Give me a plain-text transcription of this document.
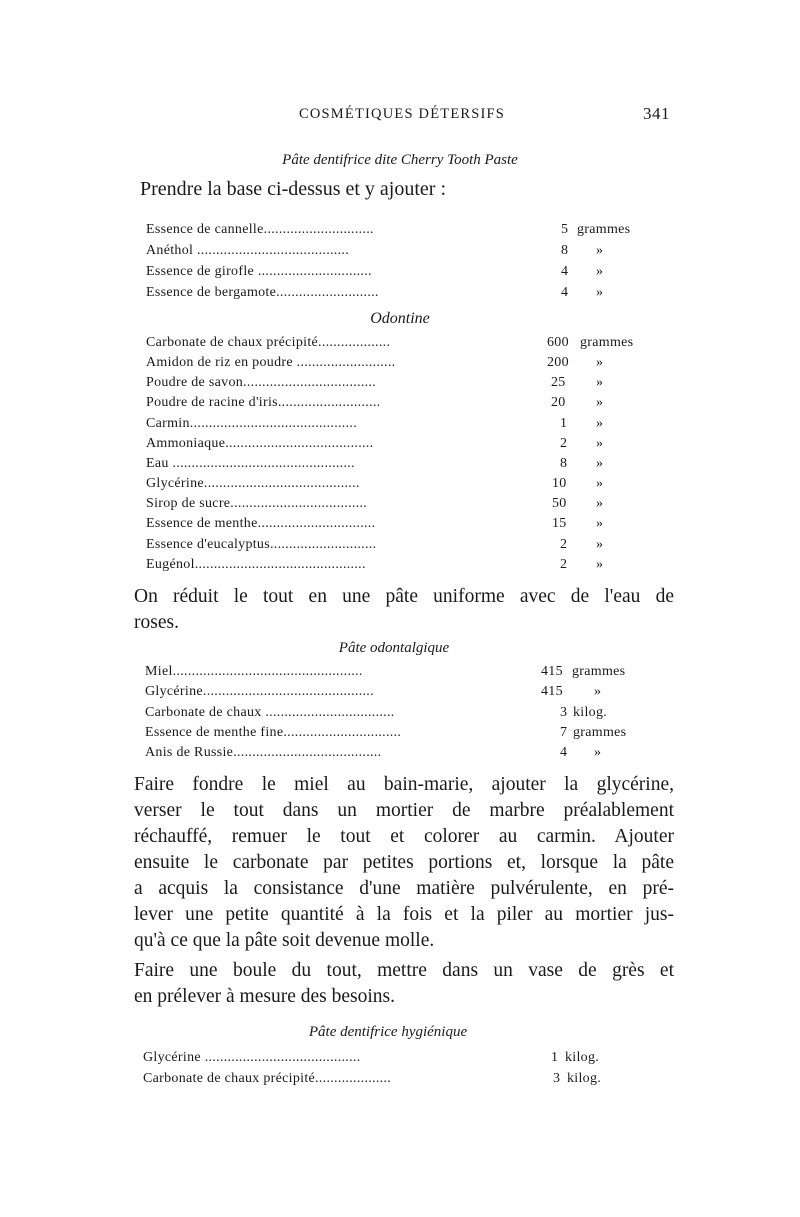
COSMÉTIQUES DÉTERSIFS	341
Pâte dentifrice dite Cherry Tooth Paste
Prendre la base ci-dessus et y ajouter :
Essence de cannelle.............................	5 grammes
Anéthol ........................................	8 »
Essence de girofle ..............................	4 »
Essence de bergamote...........................	4 »
Odontine
Carbonate de chaux précipité...................	600 grammes
Amidon de riz en poudre ..........................	200 »
Poudre de savon...................................	25 »
Poudre de racine d'iris...........................	20 »
Carmin............................................	1 »
Ammoniaque.......................................	2 »
Eau ................................................	8 »
Glycérine.........................................	10 »
Sirop de sucre....................................	50 »
Essence de menthe...............................	15 »
Essence d'eucalyptus............................	2 »
Eugénol.............................................	2 »
On réduit le tout en une pâte uniforme avec de l'eau de
roses.
Pâte odontalgique
Miel..................................................	415 grammes
Glycérine.............................................	415 »
Carbonate de chaux ..................................	3 kilog.
Essence de menthe fine...............................	7 grammes
Anis de Russie.......................................	4 »
Faire fondre le miel au bain-marie, ajouter la glycérine,
verser le tout dans un mortier de marbre préalablement
réchauffé, remuer le tout et colorer au carmin. Ajouter
ensuite le carbonate par petites portions et, lorsque la pâte
a acquis la consistance d'une matière pulvérulente, en pré-
lever une petite quantité à la fois et la piler au mortier jus-
qu'à ce que la pâte soit devenue molle.
Faire une boule du tout, mettre dans un vase de grès et
en prélever à mesure des besoins.
Pâte dentifrice hygiénique
Glycérine .........................................	1 kilog.
Carbonate de chaux précipité....................	3 kilog.
